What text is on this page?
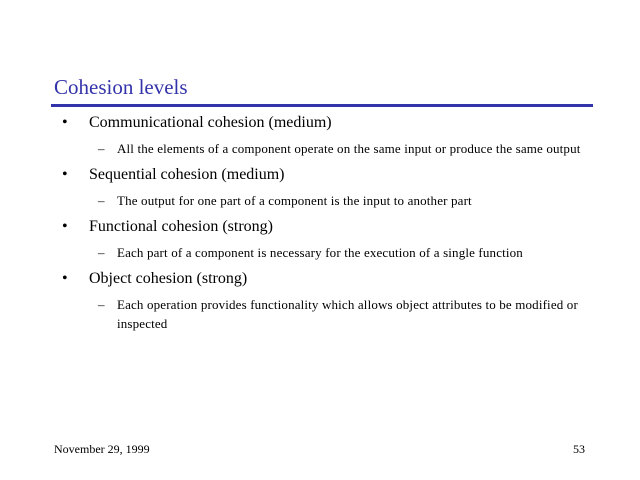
Cohesion levels
• Communicational cohesion (medium)
– All the elements of a component operate on the same input or produce the same output
• Sequential cohesion (medium)
– The output for one part of a component is the input to another part
• Functional cohesion (strong)
– Each part of a component is necessary for the execution of a single function
• Object cohesion (strong)
– Each operation provides functionality which allows object attributes to be modified or inspected
November 29, 1999	53
